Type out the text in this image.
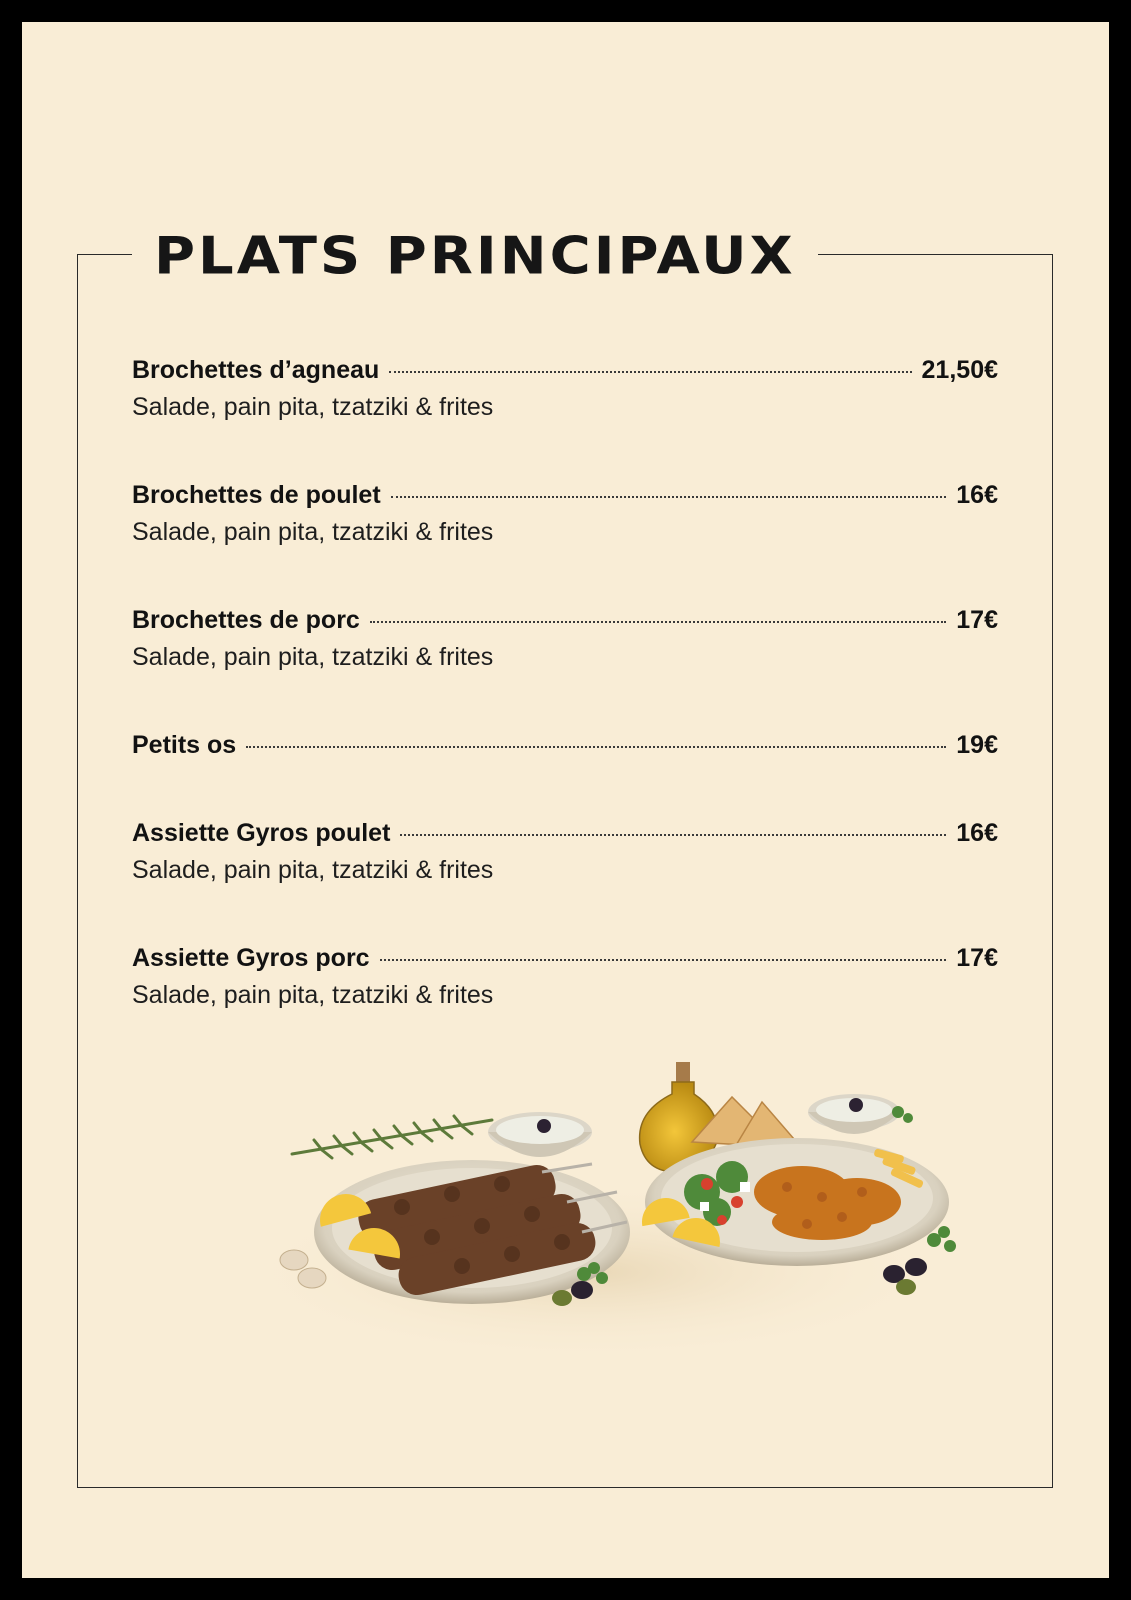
PLATS PRINCIPAUX
Brochettes d’agneau	21,50€
Salade, pain pita, tzatziki & frites
Brochettes de poulet	16€
Salade, pain pita, tzatziki & frites
Brochettes de porc	17€
Salade, pain pita, tzatziki & frites
Petits os	19€
Assiette Gyros poulet	16€
Salade, pain pita, tzatziki & frites
Assiette Gyros porc	17€
Salade, pain pita, tzatziki & frites
